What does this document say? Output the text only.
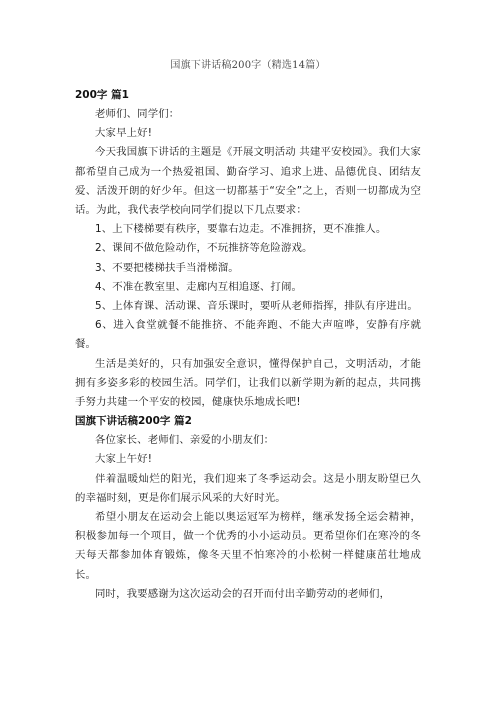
国旗下讲话稿200字（精选14篇）

200字 篇1

老师们、同学们：

大家早上好!

今天我国旗下讲话的主题是《开展文明活动 共建平安校园》。我们大家都希望自己成为一个热爱祖国、勤奋学习、追求上进、品德优良、团结友爱、活泼开朗的好少年。但这一切都基于“安全”之上，否则一切都成为空话。为此，我代表学校向同学们提以下几点要求：

1、上下楼梯要有秩序，要靠右边走。不准拥挤，更不准推人。

2、课间不做危险动作，不玩推挤等危险游戏。

3、不要把楼梯扶手当滑梯溜。

4、不准在教室里、走廊内互相追逐、打闹。

5、上体育课、活动课、音乐课时，要听从老师指挥，排队有序进出。

6、进入食堂就餐不能推挤、不能奔跑、不能大声喧哗，安静有序就餐。

生活是美好的，只有加强安全意识，懂得保护自己，文明活动，才能拥有多姿多彩的校园生活。同学们，让我们以新学期为新的起点，共同携手努力共建一个平安的校园，健康快乐地成长吧!

国旗下讲话稿200字 篇2

各位家长、老师们、亲爱的小朋友们：

大家上午好!

伴着温暖灿烂的阳光，我们迎来了冬季运动会。这是小朋友盼望已久的幸福时刻，更是你们展示风采的大好时光。

希望小朋友在运动会上能以奥运冠军为榜样，继承发扬全运会精神，积极参加每一个项目，做一个优秀的小小运动员。更希望你们在寒冷的冬天每天都参加体育锻炼，像冬天里不怕寒冷的小松树一样健康茁壮地成长。

同时，我要感谢为这次运动会的召开而付出辛勤劳动的老师们，
